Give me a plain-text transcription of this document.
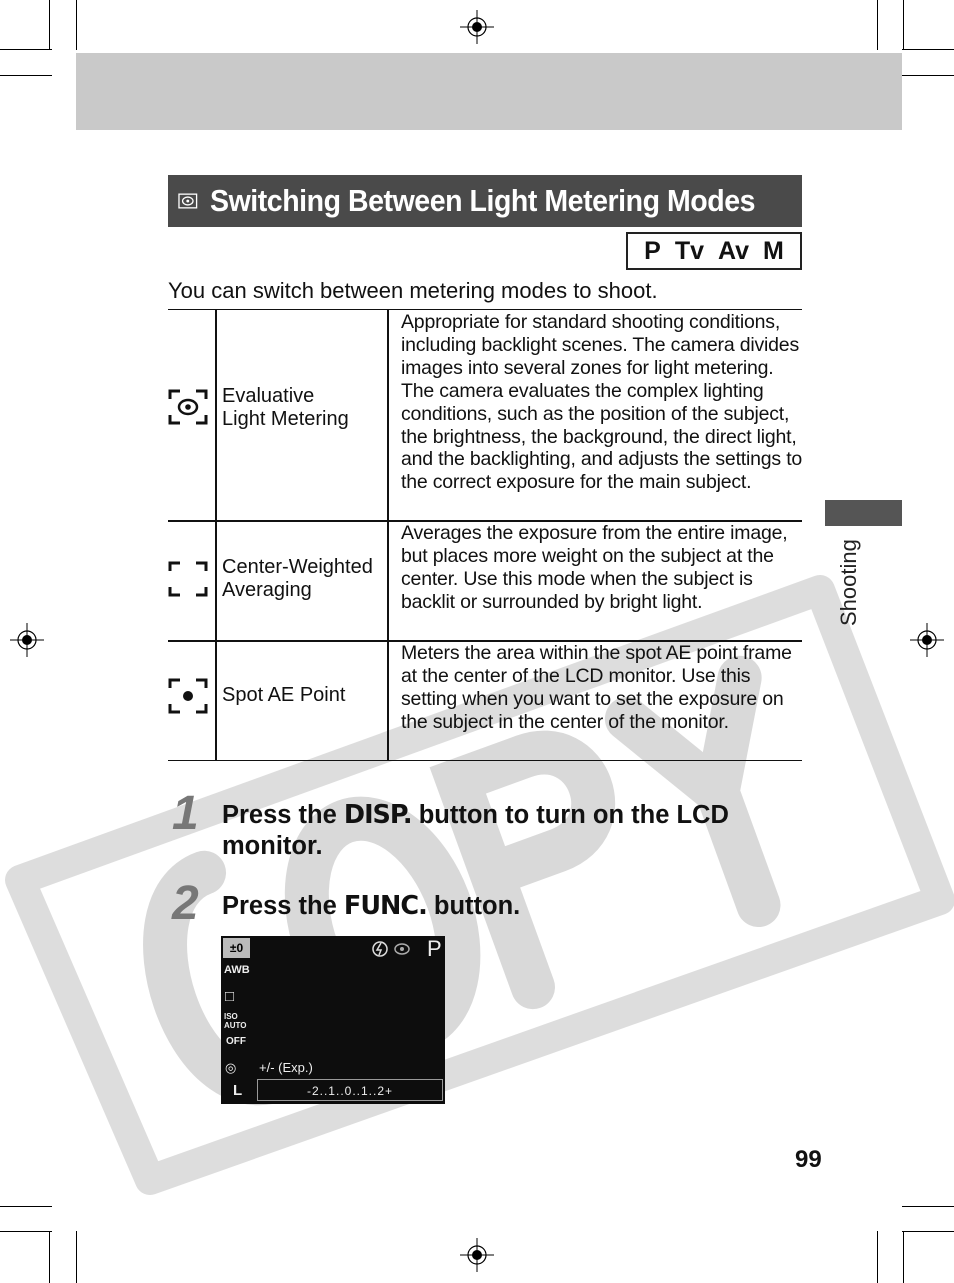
Switching Between Light Metering Modes
P Tv Av M
You can switch between metering modes to shoot.
Evaluative
Light Metering
Appropriate for standard shooting conditions, including backlight scenes. The camera divides images into several zones for light metering. The camera evaluates the complex lighting conditions, such as the position of the subject, the brightness, the background, the direct light, and the backlighting, and adjusts the settings to the correct exposure for the main subject.
Center-Weighted
Averaging
Averages the exposure from the entire image, but places more weight on the subject at the center. Use this mode when the subject is backlit or surrounded by bright light.
Spot AE Point
Meters the area within the spot AE point frame at the center of the LCD monitor. Use this setting when you want to set the exposure on the subject in the center of the monitor.
1 Press the DISP. button to turn on the LCD monitor.
2 Press the FUNC. button.
±0
AWB
□
ISO AUTO
OFF
◎
L
P
+/- (Exp.)
-2..1..0..1..2+
Shooting
99
